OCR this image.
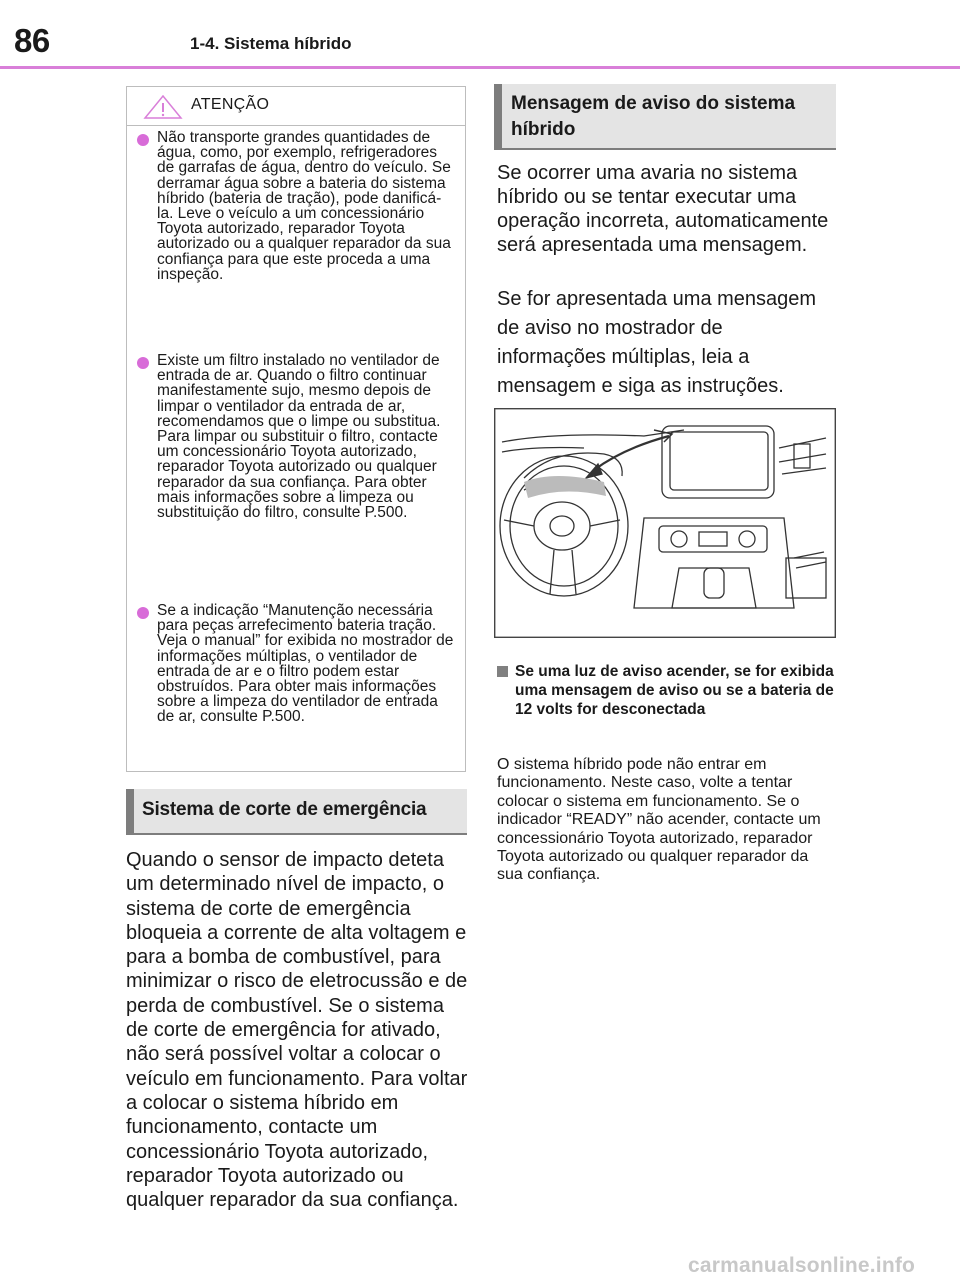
86	1-4. Sistema híbrido
ATENÇÃO

Não transporte grandes quantidades de água, como, por exemplo, refrigeradores de garrafas de água, dentro do veículo. Se derramar água sobre a bateria do sistema híbrido (bateria de tração), pode danificá-la. Leve o veículo a um concessionário Toyota autorizado, reparador Toyota autorizado ou a qualquer reparador da sua confiança para que este proceda a uma inspeção.

Existe um filtro instalado no ventilador de entrada de ar. Quando o filtro continuar manifestamente sujo, mesmo depois de limpar o ventilador da entrada de ar, recomendamos que o limpe ou substitua. Para limpar ou substituir o filtro, contacte um concessionário Toyota autorizado, reparador Toyota autorizado ou qualquer reparador da sua confiança. Para obter mais informações sobre a limpeza ou substituição do filtro, consulte P.500.

Se a indicação “Manutenção necessária para peças arrefecimento bateria tração. Veja o manual” for exibida no mostrador de informações múltiplas, o ventilador de entrada de ar e o filtro podem estar obstruídos. Para obter mais informações sobre a limpeza do ventilador de entrada de ar, consulte P.500.

Sistema de corte de emergência

Quando o sensor de impacto deteta um determinado nível de impacto, o sistema de corte de emergência bloqueia a corrente de alta voltagem e para a bomba de combustível, para minimizar o risco de eletrocussão e de perda de combustível. Se o sistema de corte de emergência for ativado, não será possível voltar a colocar o veículo em funcionamento. Para voltar a colocar o sistema híbrido em funcionamento, contacte um concessionário Toyota autorizado, reparador Toyota autorizado ou qualquer reparador da sua confiança.

Mensagem de aviso do sistema híbrido

Se ocorrer uma avaria no sistema híbrido ou se tentar executar uma operação incorreta, automaticamente será apresentada uma mensagem.

Se for apresentada uma mensagem de aviso no mostrador de informações múltiplas, leia a mensagem e siga as instruções.

Se uma luz de aviso acender, se for exibida uma mensagem de aviso ou se a bateria de 12 volts for desconectada

O sistema híbrido pode não entrar em funcionamento. Neste caso, volte a tentar colocar o sistema em funcionamento. Se o indicador “READY” não acender, contacte um concessionário Toyota autorizado, reparador Toyota autorizado ou qualquer reparador da sua confiança.

carmanualsonline.info
